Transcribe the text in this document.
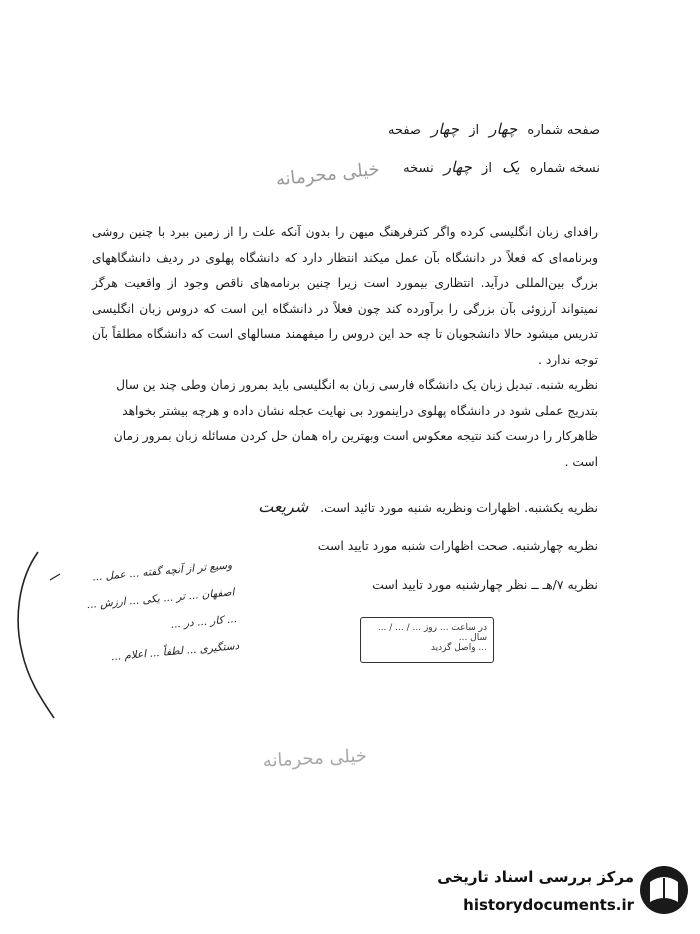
صفحه شماره چهار از چهار صفحه
نسخه شماره یک از چهار نسخه
خیلی محرمانه

رافدای زبان انگلیسی کرده واگر کترفرهنگ میهن را بدون آنکه علت را از زمین ببرد با چنین روشی وبرنامه‌ای که فعلاً در دانشگاه بآن عمل میکند انتظار دارد که دانشگاه پهلوی در ردیف دانشگاههای بزرگ بین‌المللی درآید. انتظاری بیمورد است زیرا چنین برنامه‌های ناقص وجود از واقعیت هرگز نمیتواند آرزوئی بآن بزرگی را برآورده کند چون فعلاً در دانشگاه این است که دروس زبان انگلیسی تدریس میشود حالا دانشجویان تا چه حد این دروس را میفهمند مسالهای است که دانشگاه مطلقاً بآن توجه ندارد .

نظریه شنبه. تبدیل زبان یک دانشگاه فارسی زبان به انگلیسی باید بمرور زمان وطی چند ین سال بتدریج عملی شود در دانشگاه پهلوی دراینمورد بی نهایت عجله نشان داده و هرچه بیشتر بخواهد ظاهرکار را درست کند نتیجه معکوس است وبهترین راه همان حل کردن مسائله زبان بمرور زمان است .

نظریه یکشنبه. اظهارات ونظریه شنبه مورد تائید است. شریعت
نظریه چهارشنبه. صحت اظهارات شنبه مورد تایید است
نظریه ۷/هـ ــ نظر چهارشنبه مورد تایید است
وسیع تر از آنچه گفته ... عمل ...
اصفهان ... تر ... یکی ... ارزش ...
... کار ... در ...
دستگیری ... لطفاً ... اعلام ...
در ساعت ... روز ... / ... / ... سال ...
... واصل گردید
خیلی محرمانه
مرکز بررسی اسناد تاریخی
historydocuments.ir
